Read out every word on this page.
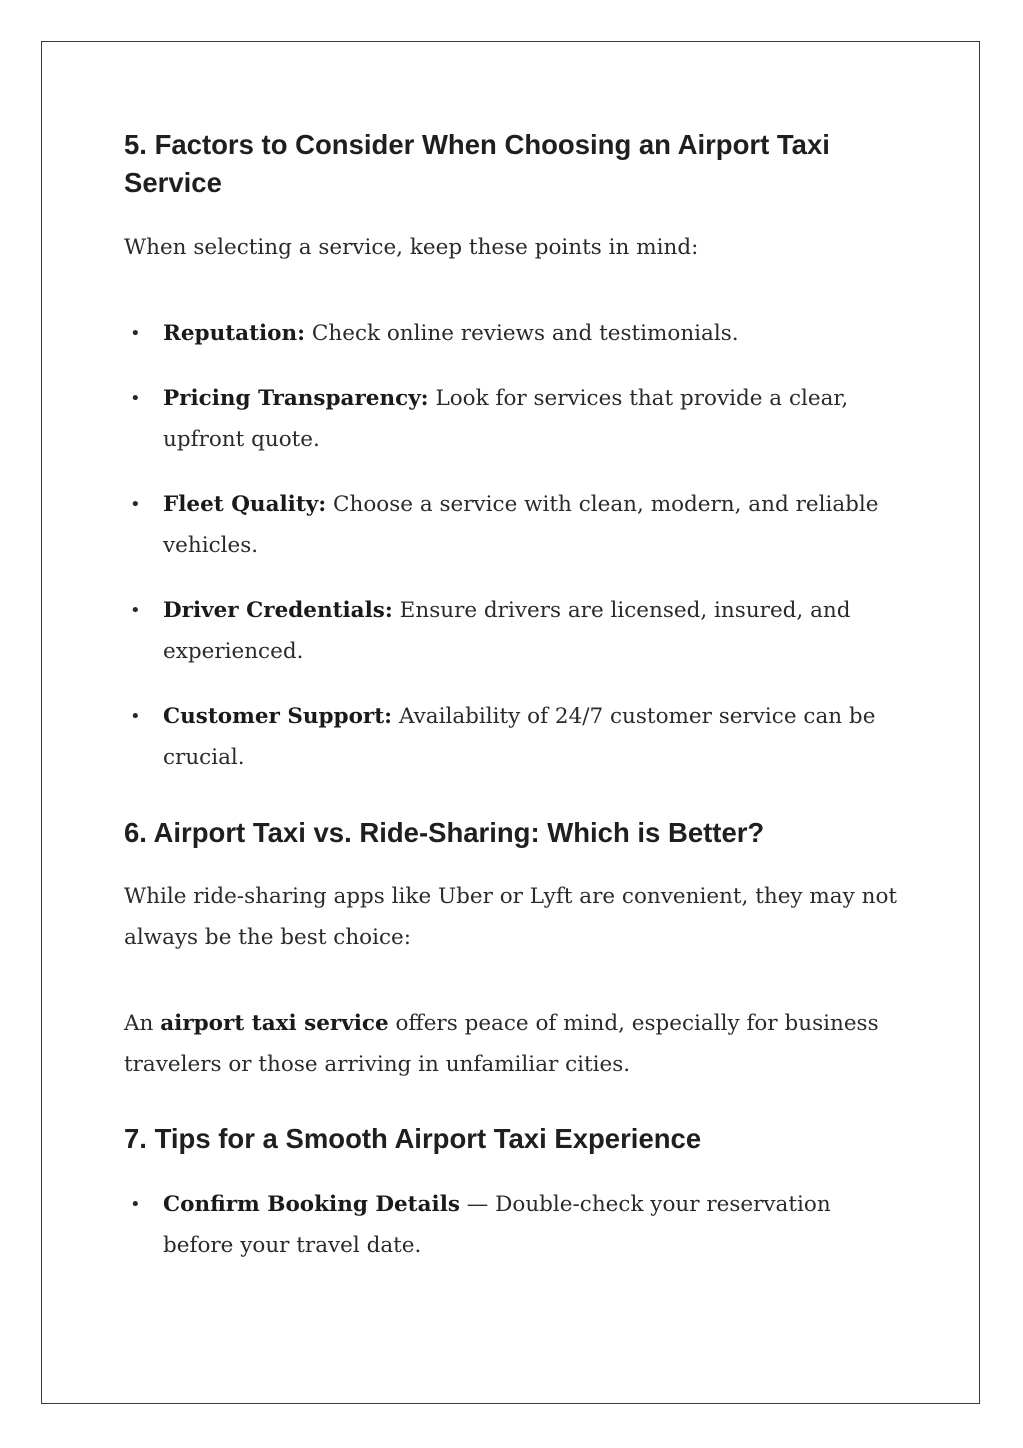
5. Factors to Consider When Choosing an Airport Taxi Service

When selecting a service, keep these points in mind:

• Reputation: Check online reviews and testimonials.
• Pricing Transparency: Look for services that provide a clear, upfront quote.
• Fleet Quality: Choose a service with clean, modern, and reliable vehicles.
• Driver Credentials: Ensure drivers are licensed, insured, and experienced.
• Customer Support: Availability of 24/7 customer service can be crucial.
6. Airport Taxi vs. Ride-Sharing: Which is Better?

While ride-sharing apps like Uber or Lyft are convenient, they may not always be the best choice:

An airport taxi service offers peace of mind, especially for business travelers or those arriving in unfamiliar cities.

7. Tips for a Smooth Airport Taxi Experience
• Confirm Booking Details — Double-check your reservation before your travel date.
